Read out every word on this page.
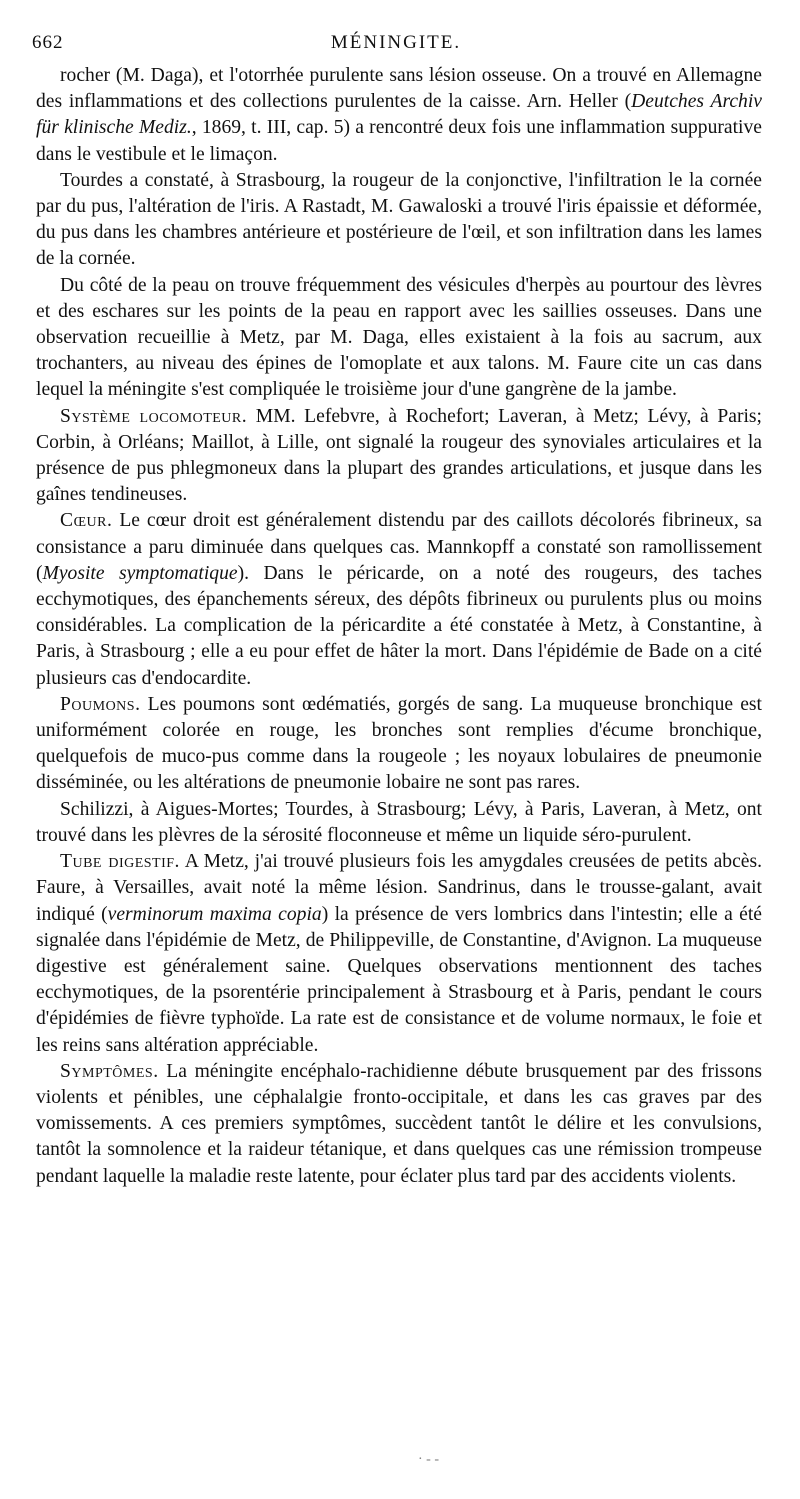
662	MÉNINGITE.

rocher (M. Daga), et l'otorrhée purulente sans lésion osseuse. On a trouvé en Allemagne des inflammations et des collections purulentes de la caisse. Arn. Heller (Deutches Archiv für klinische Mediz., 1869, t. III, cap. 5) a rencontré deux fois une inflammation suppurative dans le vestibule et le limaçon.

Tourdes a constaté, à Strasbourg, la rougeur de la conjonctive, l'infiltration le la cornée par du pus, l'altération de l'iris. A Rastadt, M. Gawaloski a trouvé l'iris épaissie et déformée, du pus dans les chambres antérieure et postérieure de l'œil, et son infiltration dans les lames de la cornée.

Du côté de la peau on trouve fréquemment des vésicules d'herpès au pourtour des lèvres et des eschares sur les points de la peau en rapport avec les saillies osseuses. Dans une observation recueillie à Metz, par M. Daga, elles existaient à la fois au sacrum, aux trochanters, au niveau des épines de l'omoplate et aux talons. M. Faure cite un cas dans lequel la méningite s'est compliquée le troisième jour d'une gangrène de la jambe.

Système locomoteur. MM. Lefebvre, à Rochefort; Laveran, à Metz; Lévy, à Paris; Corbin, à Orléans; Maillot, à Lille, ont signalé la rougeur des synoviales articulaires et la présence de pus phlegmoneux dans la plupart des grandes articulations, et jusque dans les gaînes tendineuses.

Cœur. Le cœur droit est généralement distendu par des caillots décolorés fibrineux, sa consistance a paru diminuée dans quelques cas. Mannkopff a constaté son ramollissement (Myosite symptomatique). Dans le péricarde, on a noté des rougeurs, des taches ecchymotiques, des épanchements séreux, des dépôts fibrineux ou purulents plus ou moins considérables. La complication de la péricardite a été constatée à Metz, à Constantine, à Paris, à Strasbourg ; elle a eu pour effet de hâter la mort. Dans l'épidémie de Bade on a cité plusieurs cas d'endocardite.

Poumons. Les poumons sont œdématiés, gorgés de sang. La muqueuse bronchique est uniformément colorée en rouge, les bronches sont remplies d'écume bronchique, quelquefois de muco-pus comme dans la rougeole ; les noyaux lobulaires de pneumonie disséminée, ou les altérations de pneumonie lobaire ne sont pas rares.

Schilizzi, à Aigues-Mortes; Tourdes, à Strasbourg; Lévy, à Paris, Laveran, à Metz, ont trouvé dans les plèvres de la sérosité floconneuse et même un liquide séro-purulent.

Tube digestif. A Metz, j'ai trouvé plusieurs fois les amygdales creusées de petits abcès. Faure, à Versailles, avait noté la même lésion. Sandrinus, dans le trousse-galant, avait indiqué (verminorum maxima copia) la présence de vers lombrics dans l'intestin; elle a été signalée dans l'épidémie de Metz, de Philippeville, de Constantine, d'Avignon. La muqueuse digestive est généralement saine. Quelques observations mentionnent des taches ecchymotiques, de la psorentérie principalement à Strasbourg et à Paris, pendant le cours d'épidémies de fièvre typhoïde. La rate est de consistance et de volume normaux, le foie et les reins sans altération appréciable.

Symptômes. La méningite encéphalo-rachidienne débute brusquement par des frissons violents et pénibles, une céphalalgie fronto-occipitale, et dans les cas graves par des vomissements. A ces premiers symptômes, succèdent tantôt le délire et les convulsions, tantôt la somnolence et la raideur tétanique, et dans quelques cas une rémission trompeuse pendant laquelle la maladie reste latente, pour éclater plus tard par des accidents violents.

· - -
